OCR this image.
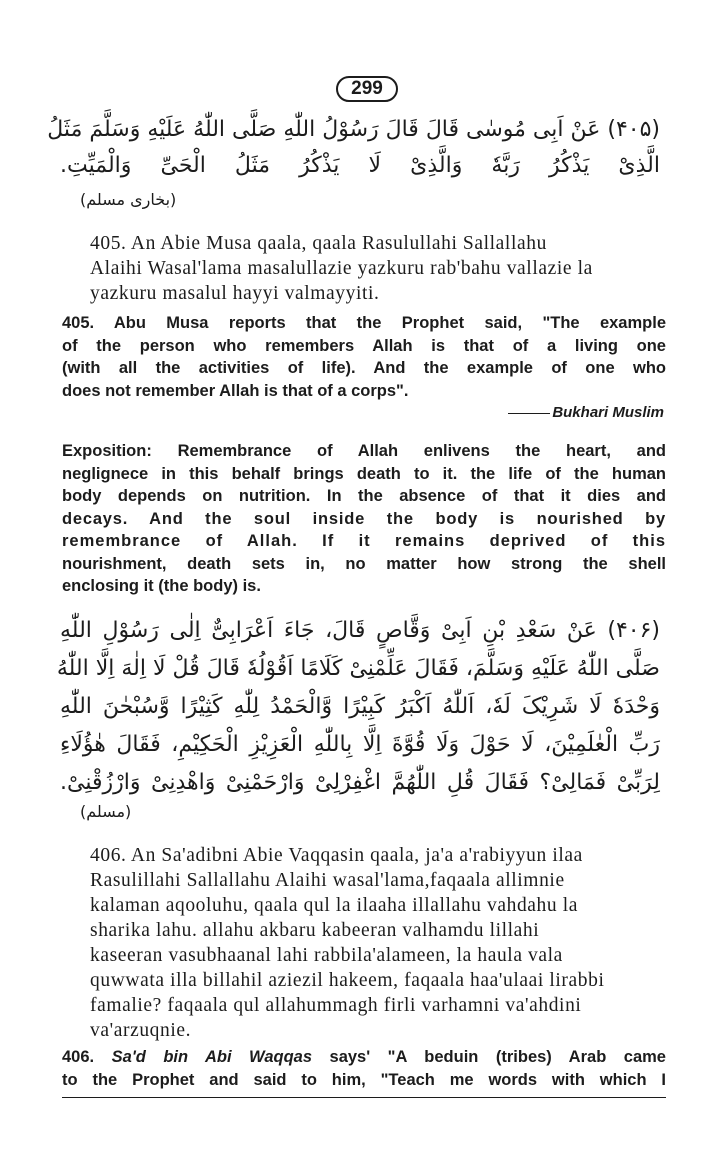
299
(۴۰۵) عَنْ اَبِی مُوسٰی قَالَ قَالَ رَسُوْلُ اللّٰهِ صَلَّی اللّٰهُ عَلَیْهِ وَسَلَّمَ مَثَلُ
الَّذِیْ یَذْکُرُ رَبَّهٗ وَالَّذِیْ لَا یَذْکُرُ مَثَلُ الْحَیِّ وَالْمَیِّتِ.
(بخاری مسلم)
405. An Abie Musa qaala, qaala Rasulullahi Sallallahu
Alaihi Wasal'lama masalullazie yazkuru rab'bahu vallazie la
yazkuru masalul hayyi valmayyiti.
405. Abu Musa reports that the Prophet said, "The example
of the person who remembers Allah is that of a living one
(with all the activities of life). And the example of one who
does not remember Allah is that of a corps".
Bukhari Muslim
Exposition: Remembrance of Allah enlivens the heart, and
neglignece in this behalf brings death to it. the life of the human
body depends on nutrition. In the absence of that it dies and
decays. And the soul inside the body is nourished by
remembrance of Allah. If it remains deprived of this
nourishment, death sets in, no matter how strong the shell
enclosing it (the body) is.
(۴۰۶) عَنْ سَعْدِ بْنِ اَبِیْ وَقَّاصٍ قَالَ، جَاءَ اَعْرَابِیٌّ اِلٰی رَسُوْلِ اللّٰهِ
صَلَّی اللّٰهُ عَلَیْهِ وَسَلَّمَ، فَقَالَ عَلِّمْنِیْ کَلَامًا اَقُوْلُهٗ قَالَ قُلْ لَا اِلٰهَ اِلَّا اللّٰهُ
وَحْدَهٗ لَا شَرِیْکَ لَهٗ، اَللّٰهُ اَکْبَرُ کَبِیْرًا وَّالْحَمْدُ لِلّٰهِ کَثِیْرًا وَّسُبْحٰنَ اللّٰهِ
رَبِّ الْعٰلَمِیْنَ، لَا حَوْلَ وَلَا قُوَّةَ اِلَّا بِاللّٰهِ الْعَزِیْزِ الْحَکِیْمِ، فَقَالَ هٰؤُلَاءِ
لِرَبِّیْ فَمَالِیْ؟ فَقَالَ قُلِ اللّٰهُمَّ اغْفِرْلِیْ وَارْحَمْنِیْ وَاهْدِنِیْ وَارْزُقْنِیْ.
(مسلم)
406. An Sa'adibni Abie Vaqqasin qaala, ja'a a'rabiyyun ilaa
Rasulillahi Sallallahu Alaihi wasal'lama,faqaala allimnie
kalaman aqooluhu, qaala qul la ilaaha illallahu vahdahu la
sharika lahu. allahu akbaru kabeeran valhamdu lillahi
kaseeran vasubhaanal lahi rabbila'alameen, la haula vala
quwwata illa billahil aziezil hakeem, faqaala haa'ulaai lirabbi
famalie? faqaala qul allahummagh firli varhamni va'ahdini
va'arzuqnie.
406. Sa'd bin Abi Waqqas says' "A beduin (tribes) Arab came
to the Prophet and said to him, "Teach me words with which I
